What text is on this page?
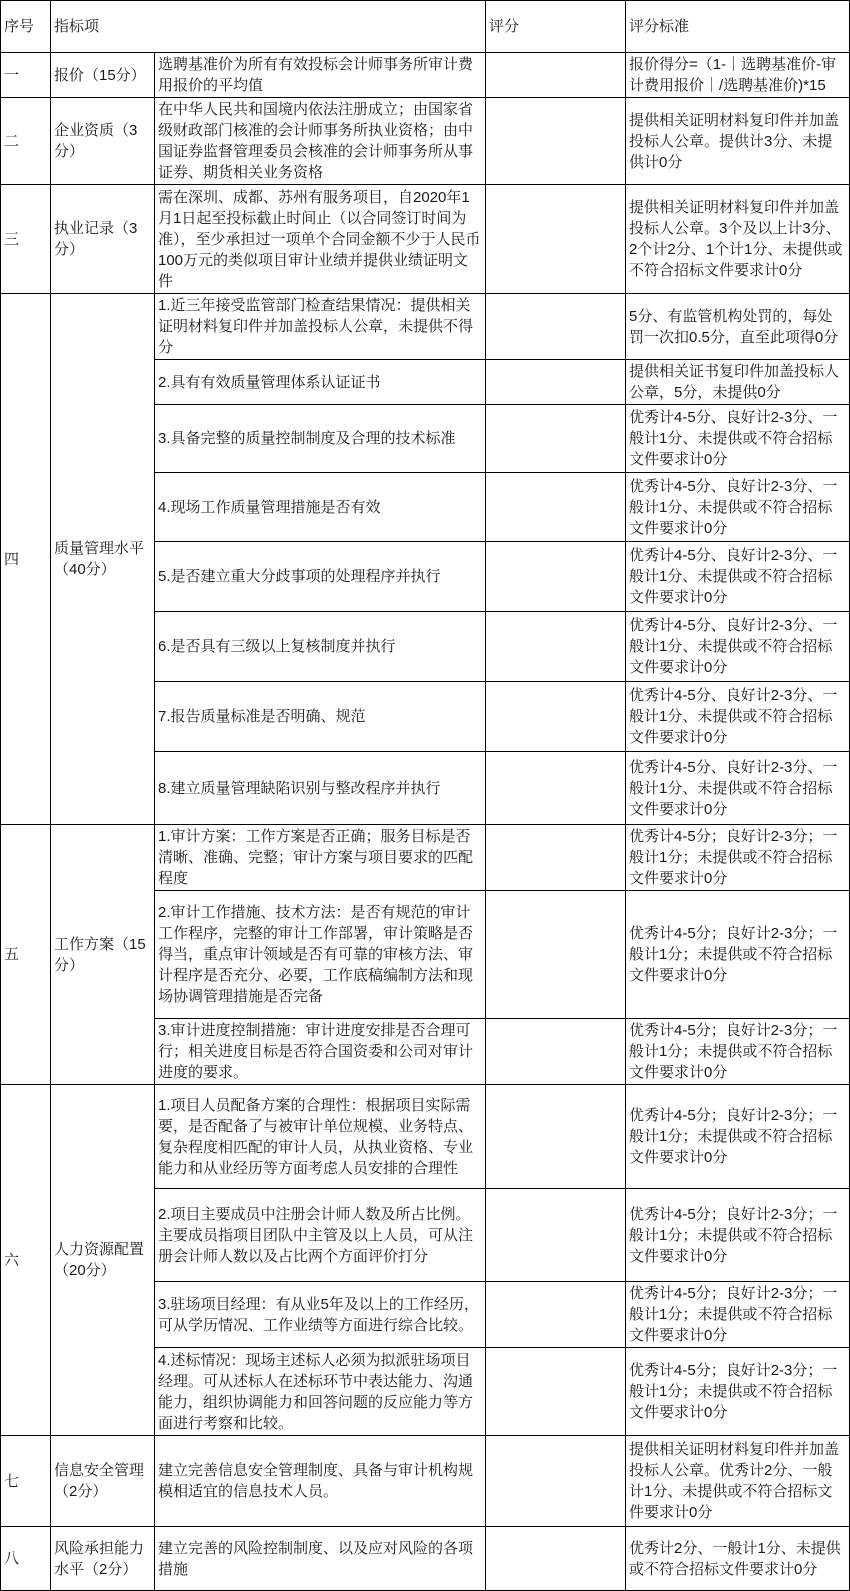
序号	指标项		评分	评分标准
一	报价（15分）	选聘基准价为所有有效投标会计师事务所审计费用报价的平均值		报价得分=（1-｜选聘基准价-审计费用报价｜/选聘基准价)*15
二	企业资质（3分）	在中华人民共和国境内依法注册成立；由国家省级财政部门核准的会计师事务所执业资格；由中国证券监督管理委员会核准的会计师事务所从事证券、期货相关业务资格		提供相关证明材料复印件并加盖投标人公章。提供计3分、未提供计0分
三	执业记录（3分）	需在深圳、成都、苏州有服务项目，自2020年1月1日起至投标截止时间止（以合同签订时间为准），至少承担过一项单个合同金额不少于人民币100万元的类似项目审计业绩并提供业绩证明文件		提供相关证明材料复印件并加盖投标人公章。3个及以上计3分、2个计2分、1个计1分、未提供或不符合招标文件要求计0分
四	质量管理水平（40分）	1.近三年接受监管部门检查结果情况：提供相关证明材料复印件并加盖投标人公章，未提供不得分		5分、有监管机构处罚的，每处罚一次扣0.5分，直至此项得0分
		2.具有有效质量管理体系认证证书		提供相关证书复印件加盖投标人公章，5分，未提供0分
		3.具备完整的质量控制制度及合理的技术标准		优秀计4-5分、良好计2-3分、一般计1分、未提供或不符合招标文件要求计0分
		4.现场工作质量管理措施是否有效		优秀计4-5分、良好计2-3分、一般计1分、未提供或不符合招标文件要求计0分
		5.是否建立重大分歧事项的处理程序并执行		优秀计4-5分、良好计2-3分、一般计1分、未提供或不符合招标文件要求计0分
		6.是否具有三级以上复核制度并执行		优秀计4-5分、良好计2-3分、一般计1分、未提供或不符合招标文件要求计0分
		7.报告质量标准是否明确、规范		优秀计4-5分、良好计2-3分、一般计1分、未提供或不符合招标文件要求计0分
		8.建立质量管理缺陷识别与整改程序并执行		优秀计4-5分、良好计2-3分、一般计1分、未提供或不符合招标文件要求计0分
五	工作方案（15分）	1.审计方案：工作方案是否正确；服务目标是否清晰、准确、完整；审计方案与项目要求的匹配程度		优秀计4-5分；良好计2-3分；一般计1分；未提供或不符合招标文件要求计0分
		2.审计工作措施、技术方法：是否有规范的审计工作程序，完整的审计工作部署，审计策略是否得当，重点审计领域是否有可靠的审核方法、审计程序是否充分、必要，工作底稿编制方法和现场协调管理措施是否完备		优秀计4-5分；良好计2-3分；一般计1分；未提供或不符合招标文件要求计0分
		3.审计进度控制措施：审计进度安排是否合理可行；相关进度目标是否符合国资委和公司对审计进度的要求。		优秀计4-5分；良好计2-3分；一般计1分；未提供或不符合招标文件要求计0分
六	人力资源配置（20分）	1.项目人员配备方案的合理性：根据项目实际需要，是否配备了与被审计单位规模、业务特点、复杂程度相匹配的审计人员，从执业资格、专业能力和从业经历等方面考虑人员安排的合理性		优秀计4-5分；良好计2-3分；一般计1分；未提供或不符合招标文件要求计0分
		2.项目主要成员中注册会计师人数及所占比例。主要成员指项目团队中主管及以上人员，可从注册会计师人数以及占比两个方面评价打分		优秀计4-5分；良好计2-3分；一般计1分；未提供或不符合招标文件要求计0分
		3.驻场项目经理：有从业5年及以上的工作经历，可从学历情况、工作业绩等方面进行综合比较。		优秀计4-5分；良好计2-3分；一般计1分；未提供或不符合招标文件要求计0分
		4.述标情况：现场主述标人必须为拟派驻场项目经理。可从述标人在述标环节中表达能力、沟通能力，组织协调能力和回答问题的反应能力等方面进行考察和比较。		优秀计4-5分；良好计2-3分；一般计1分；未提供或不符合招标文件要求计0分
七	信息安全管理（2分）	建立完善信息安全管理制度、具备与审计机构规模相适宜的信息技术人员。		提供相关证明材料复印件并加盖投标人公章。优秀计2分、一般计1分、未提供或不符合招标文件要求计0分
八	风险承担能力水平（2分）	建立完善的风险控制制度、以及应对风险的各项措施		优秀计2分、一般计1分、未提供或不符合招标文件要求计0分
